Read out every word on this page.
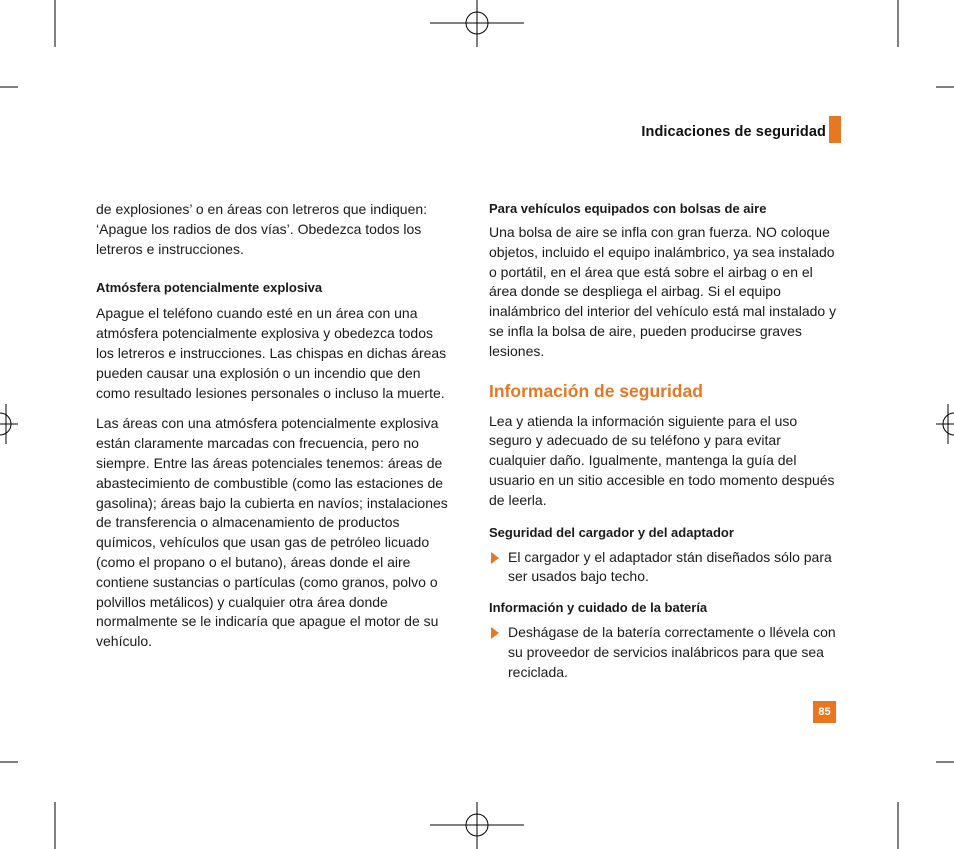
Indicaciones de seguridad

de explosiones’ o en áreas con letreros que indiquen: ‘Apague los radios de dos vías’. Obedezca todos los letreros e instrucciones.

Atmósfera potencialmente explosiva

Apague el teléfono cuando esté en un área con una atmósfera potencialmente explosiva y obedezca todos los letreros e instrucciones. Las chispas en dichas áreas pueden causar una explosión o un incendio que den como resultado lesiones personales o incluso la muerte.

Las áreas con una atmósfera potencialmente explosiva están claramente marcadas con frecuencia, pero no siempre. Entre las áreas potenciales tenemos: áreas de abastecimiento de combustible (como las estaciones de gasolina); áreas bajo la cubierta en navíos; instalaciones de transferencia o almacenamiento de productos químicos, vehículos que usan gas de petróleo licuado (como el propano o el butano), áreas donde el aire contiene sustancias o partículas (como granos, polvo o polvillos metálicos) y cualquier otra área donde normalmente se le indicaría que apague el motor de su vehículo.

Para vehículos equipados con bolsas de aire

Una bolsa de aire se infla con gran fuerza. NO coloque objetos, incluido el equipo inalámbrico, ya sea instalado o portátil, en el área que está sobre el airbag o en el área donde se despliega el airbag. Si el equipo inalámbrico del interior del vehículo está mal instalado y se infla la bolsa de aire, pueden producirse graves lesiones.

Información de seguridad

Lea y atienda la información siguiente para el uso seguro y adecuado de su teléfono y para evitar cualquier daño. Igualmente, mantenga la guía del usuario en un sitio accesible en todo momento después de leerla.

Seguridad del cargador y del adaptador

El cargador y el adaptador stán diseñados sólo para ser usados bajo techo.

Información y cuidado de la batería

Deshágase de la batería correctamente o llévela con su proveedor de servicios inalábricos para que sea reciclada.

85
